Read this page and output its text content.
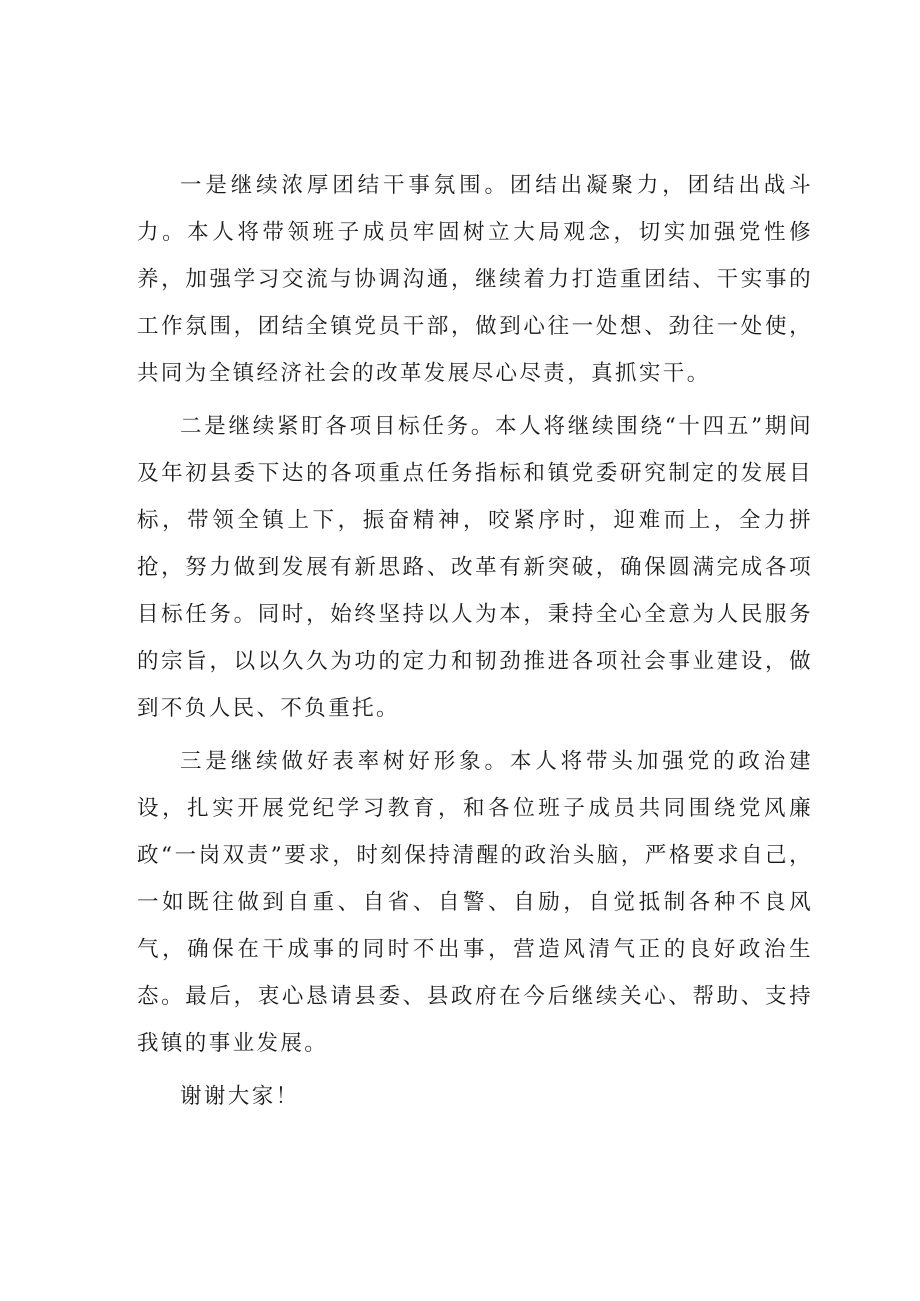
一是继续浓厚团结干事氛围。团结出凝聚力，团结出战斗力。本人将带领班子成员牢固树立大局观念，切实加强党性修养，加强学习交流与协调沟通，继续着力打造重团结、干实事的工作氛围，团结全镇党员干部，做到心往一处想、劲往一处使，共同为全镇经济社会的改革发展尽心尽责，真抓实干。

二是继续紧盯各项目标任务。本人将继续围绕“十四五”期间及年初县委下达的各项重点任务指标和镇党委研究制定的发展目标，带领全镇上下，振奋精神，咬紧序时，迎难而上，全力拼抢，努力做到发展有新思路、改革有新突破，确保圆满完成各项目标任务。同时，始终坚持以人为本，秉持全心全意为人民服务的宗旨，以以久久为功的定力和韧劲推进各项社会事业建设，做到不负人民、不负重托。

三是继续做好表率树好形象。本人将带头加强党的政治建设，扎实开展党纪学习教育，和各位班子成员共同围绕党风廉政“一岗双责”要求，时刻保持清醒的政治头脑，严格要求自己，一如既往做到自重、自省、自警、自励，自觉抵制各种不良风气，确保在干成事的同时不出事，营造风清气正的良好政治生态。最后，衷心恳请县委、县政府在今后继续关心、帮助、支持我镇的事业发展。

谢谢大家！
